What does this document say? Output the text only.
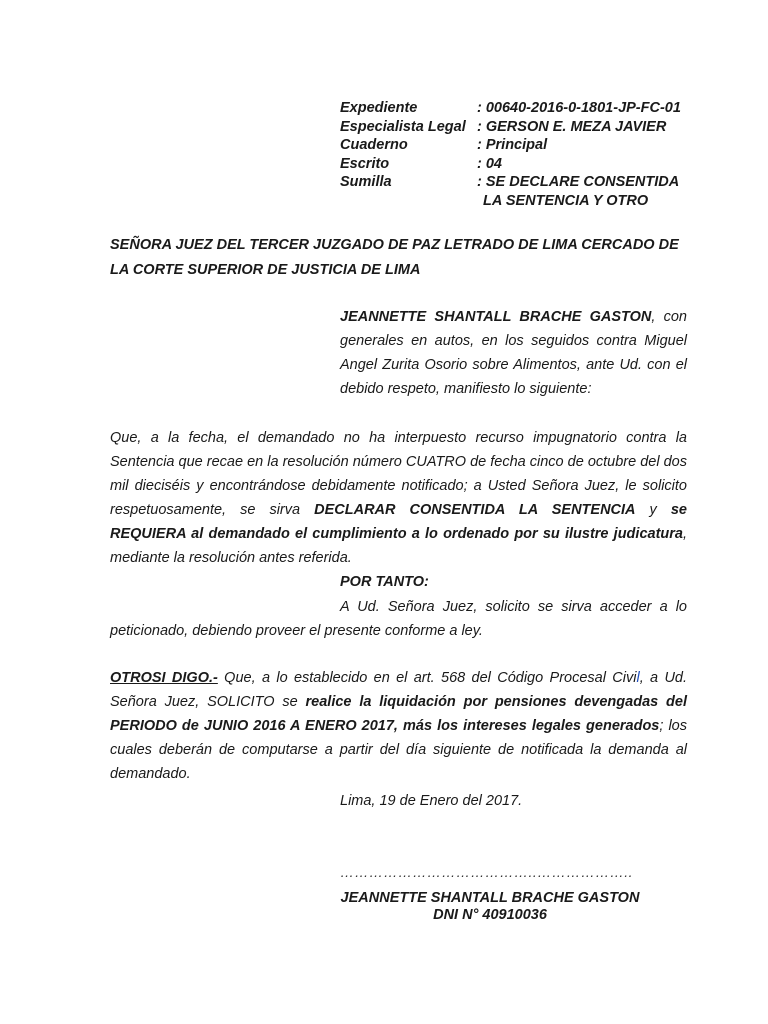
Expediente	: 00640-2016-0-1801-JP-FC-01
Especialista Legal : GERSON E. MEZA JAVIER
Cuaderno	: Principal
Escrito	: 04
Sumilla	: SE DECLARE CONSENTIDA
LA SENTENCIA Y OTRO
SEÑORA JUEZ DEL TERCER JUZGADO DE PAZ LETRADO DE LIMA CERCADO DE LA CORTE SUPERIOR DE JUSTICIA DE LIMA
JEANNETTE SHANTALL BRACHE GASTON, con generales en autos, en los seguidos contra Miguel Angel Zurita Osorio sobre Alimentos, ante Ud. con el debido respeto, manifiesto lo siguiente:
Que, a la fecha, el demandado no ha interpuesto recurso impugnatorio contra la Sentencia que recae en la resolución número CUATRO de fecha cinco de octubre del dos mil dieciséis y encontrándose debidamente notificado; a Usted Señora Juez, le solicito respetuosamente, se sirva DECLARAR CONSENTIDA LA SENTENCIA y se REQUIERA al demandado el cumplimiento a lo ordenado por su ilustre judicatura, mediante la resolución antes referida.
POR TANTO:
A Ud. Señora Juez, solicito se sirva acceder a lo peticionado, debiendo proveer el presente conforme a ley.
OTROSI DIGO.- Que, a lo establecido en el art. 568 del Código Procesal Civil, a Ud. Señora Juez, SOLICITO se realice la liquidación por pensiones devengadas del PERIODO de JUNIO 2016 A ENERO 2017, más los intereses legales generados; los cuales deberán de computarse a partir del día siguiente de notificada la demanda al demandado.
Lima, 19 de Enero del 2017.
…………………………………..………………..
JEANNETTE SHANTALL BRACHE GASTON
DNI N° 40910036
